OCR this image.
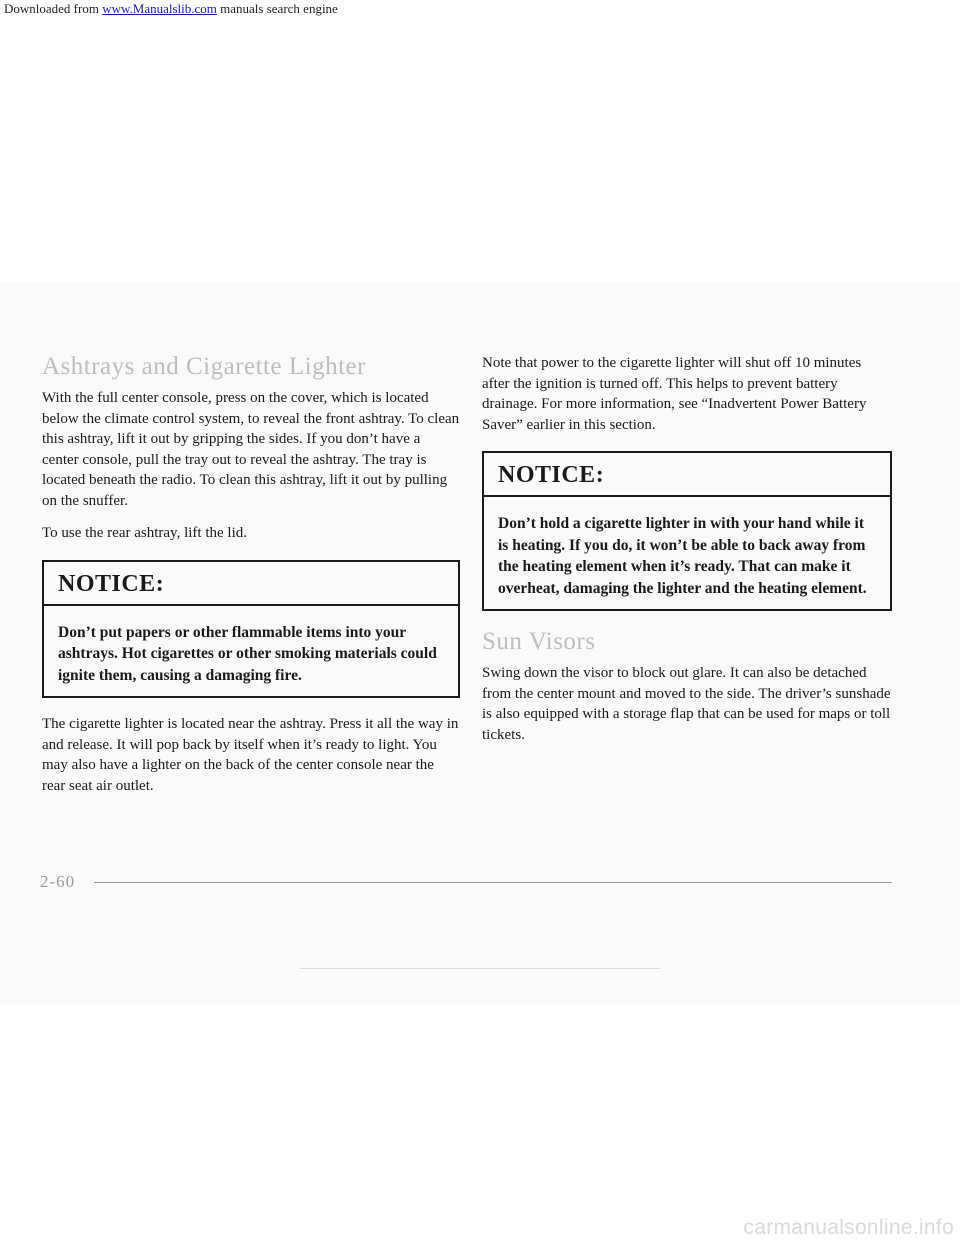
Downloaded from www.Manualslib.com manuals search engine
Ashtrays and Cigarette Lighter

With the full center console, press on the cover, which is located below the climate control system, to reveal the front ashtray. To clean this ashtray, lift it out by gripping the sides. If you don’t have a center console, pull the tray out to reveal the ashtray. The tray is located beneath the radio. To clean this ashtray, lift it out by pulling on the snuffer.

To use the rear ashtray, lift the lid.

NOTICE:
Don’t put papers or other flammable items into your ashtrays. Hot cigarettes or other smoking materials could ignite them, causing a damaging fire.

The cigarette lighter is located near the ashtray. Press it all the way in and release. It will pop back by itself when it’s ready to light. You may also have a lighter on the back of the center console near the rear seat air outlet.

Note that power to the cigarette lighter will shut off 10 minutes after the ignition is turned off. This helps to prevent battery drainage. For more information, see “Inadvertent Power Battery Saver” earlier in this section.

NOTICE:
Don’t hold a cigarette lighter in with your hand while it is heating. If you do, it won’t be able to back away from the heating element when it’s ready. That can make it overheat, damaging the lighter and the heating element.
Sun Visors

Swing down the visor to block out glare. It can also be detached from the center mount and moved to the side. The driver’s sunshade is also equipped with a storage flap that can be used for maps or toll tickets.

2-60
carmanualsonline.info
